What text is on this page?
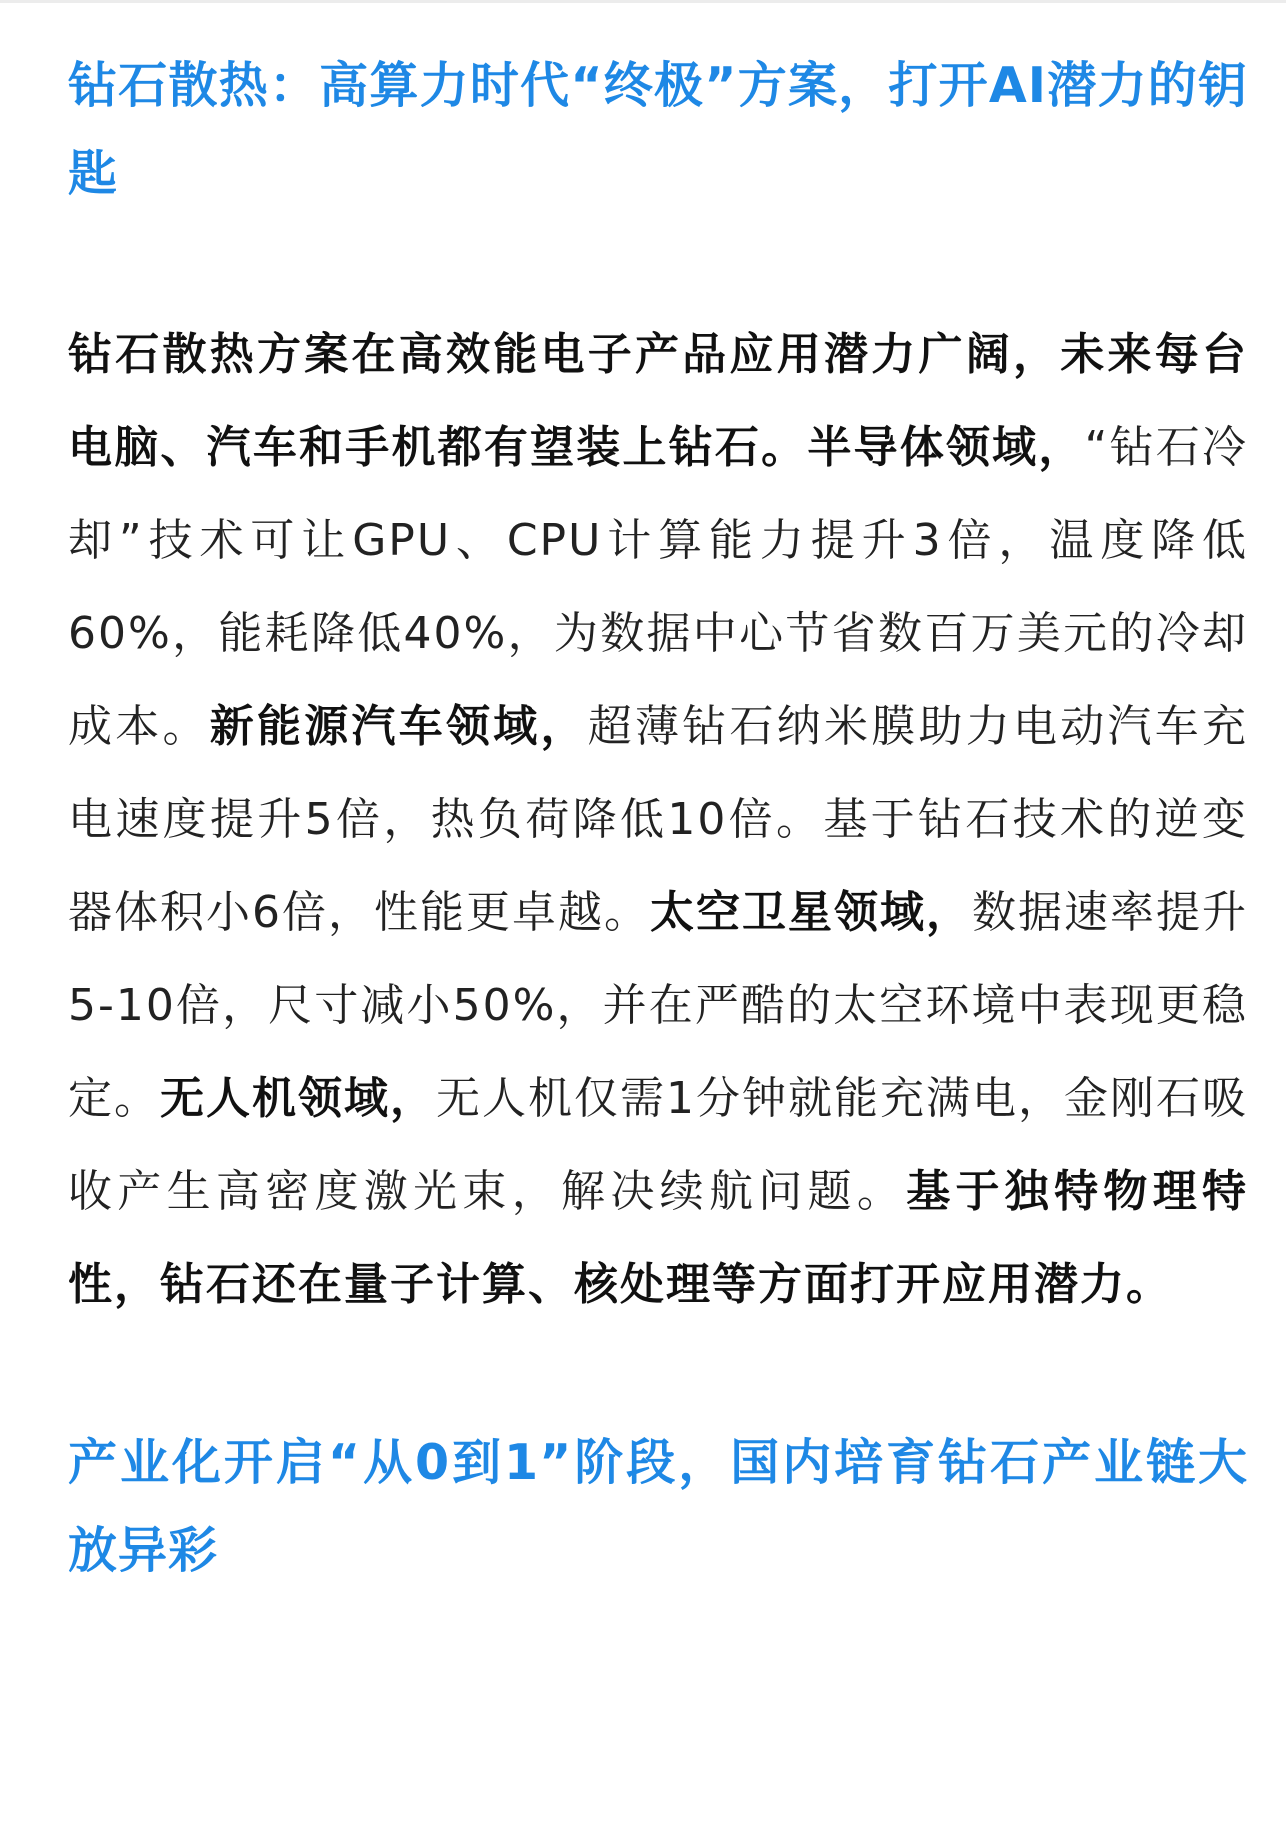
钻石散热：高算力时代“终极”方案，打开AI潜力的钥匙

钻石散热方案在高效能电子产品应用潜力广阔，未来每台电脑、汽车和手机都有望装上钻石。半导体领域，“钻石冷却”技术可让GPU、CPU计算能力提升3倍，温度降低60%，能耗降低40%，为数据中心节省数百万美元的冷却成本。新能源汽车领域，超薄钻石纳米膜助力电动汽车充电速度提升5倍，热负荷降低10倍。基于钻石技术的逆变器体积小6倍，性能更卓越。太空卫星领域，数据速率提升5-10倍，尺寸减小50%，并在严酷的太空环境中表现更稳定。无人机领域，无人机仅需1分钟就能充满电，金刚石吸收产生高密度激光束，解决续航问题。基于独特物理特性，钻石还在量子计算、核处理等方面打开应用潜力。

产业化开启“从0到1”阶段，国内培育钻石产业链大放异彩
